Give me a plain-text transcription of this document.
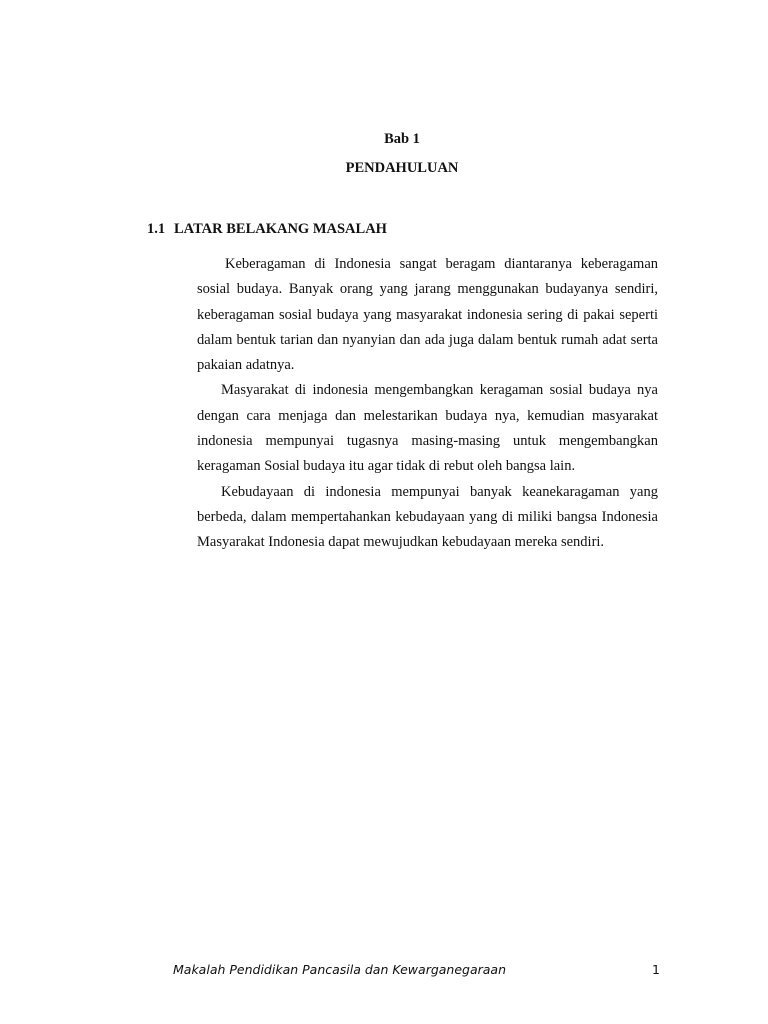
Bab 1
PENDAHULUAN
1.1 LATAR BELAKANG MASALAH

Keberagaman di Indonesia sangat beragam diantaranya keberagaman sosial budaya. Banyak orang yang jarang menggunakan budayanya sendiri, keberagaman sosial budaya yang masyarakat indonesia sering di pakai seperti dalam bentuk tarian dan nyanyian dan ada juga dalam bentuk rumah adat serta pakaian adatnya.

Masyarakat di indonesia mengembangkan keragaman sosial budaya nya dengan cara menjaga dan melestarikan budaya nya, kemudian masyarakat indonesia mempunyai tugasnya masing-masing untuk mengembangkan keragaman Sosial budaya itu agar tidak di rebut oleh bangsa lain.

Kebudayaan di indonesia mempunyai banyak keanekaragaman yang berbeda, dalam mempertahankan kebudayaan yang di miliki bangsa Indonesia Masyarakat Indonesia dapat mewujudkan kebudayaan mereka sendiri.

Makalah Pendidikan Pancasila dan Kewarganegaraan	1
